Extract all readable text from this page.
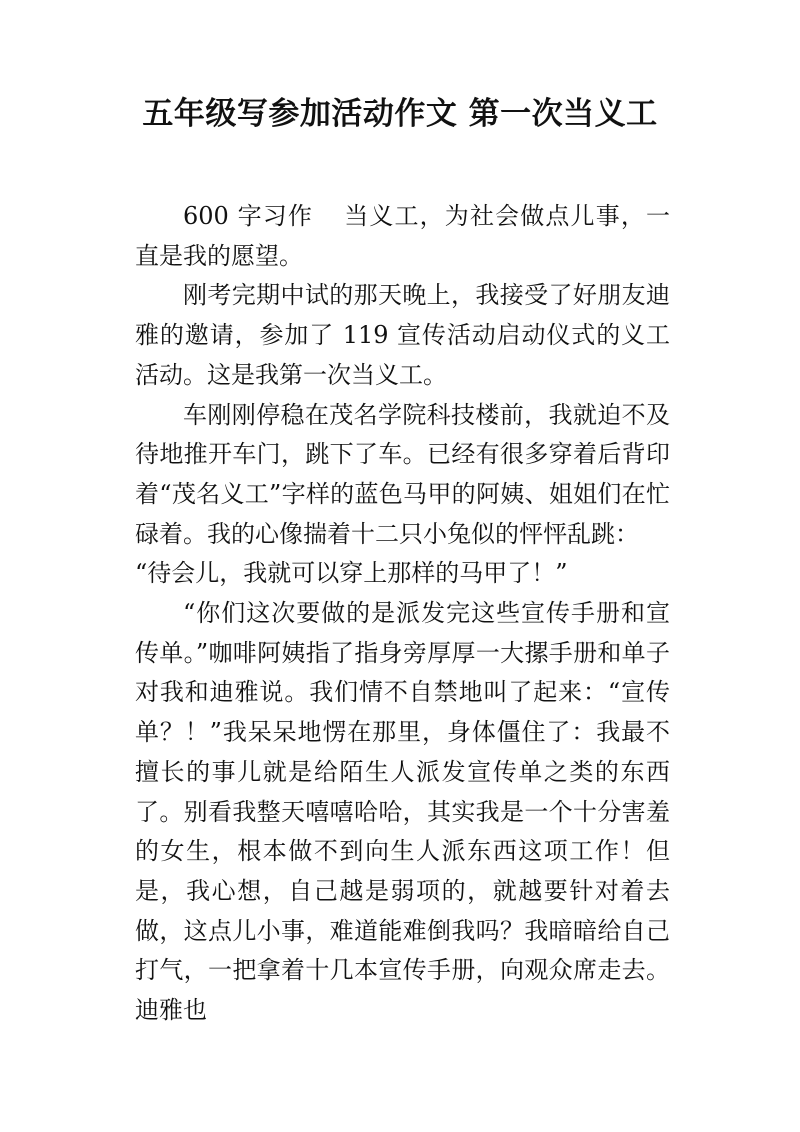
五年级写参加活动作文 第一次当义工

600 字习作 当义工，为社会做点儿事，一直是我的愿望。

刚考完期中试的那天晚上，我接受了好朋友迪雅的邀请，参加了 119 宣传活动启动仪式的义工活动。这是我第一次当义工。

车刚刚停稳在茂名学院科技楼前，我就迫不及待地推开车门，跳下了车。已经有很多穿着后背印着“茂名义工”字样的蓝色马甲的阿姨、姐姐们在忙碌着。我的心像揣着十二只小兔似的怦怦乱跳：

“待会儿，我就可以穿上那样的马甲了！”

“你们这次要做的是派发完这些宣传手册和宣传单。”咖啡阿姨指了指身旁厚厚一大摞手册和单子对我和迪雅说。我们情不自禁地叫了起来：“宣传单？！”我呆呆地愣在那里，身体僵住了：我最不擅长的事儿就是给陌生人派发宣传单之类的东西了。别看我整天嘻嘻哈哈，其实我是一个十分害羞的女生，根本做不到向生人派东西这项工作！但是，我心想，自己越是弱项的，就越要针对着去做，这点儿小事，难道能难倒我吗？我暗暗给自己打气，一把拿着十几本宣传手册，向观众席走去。迪雅也
